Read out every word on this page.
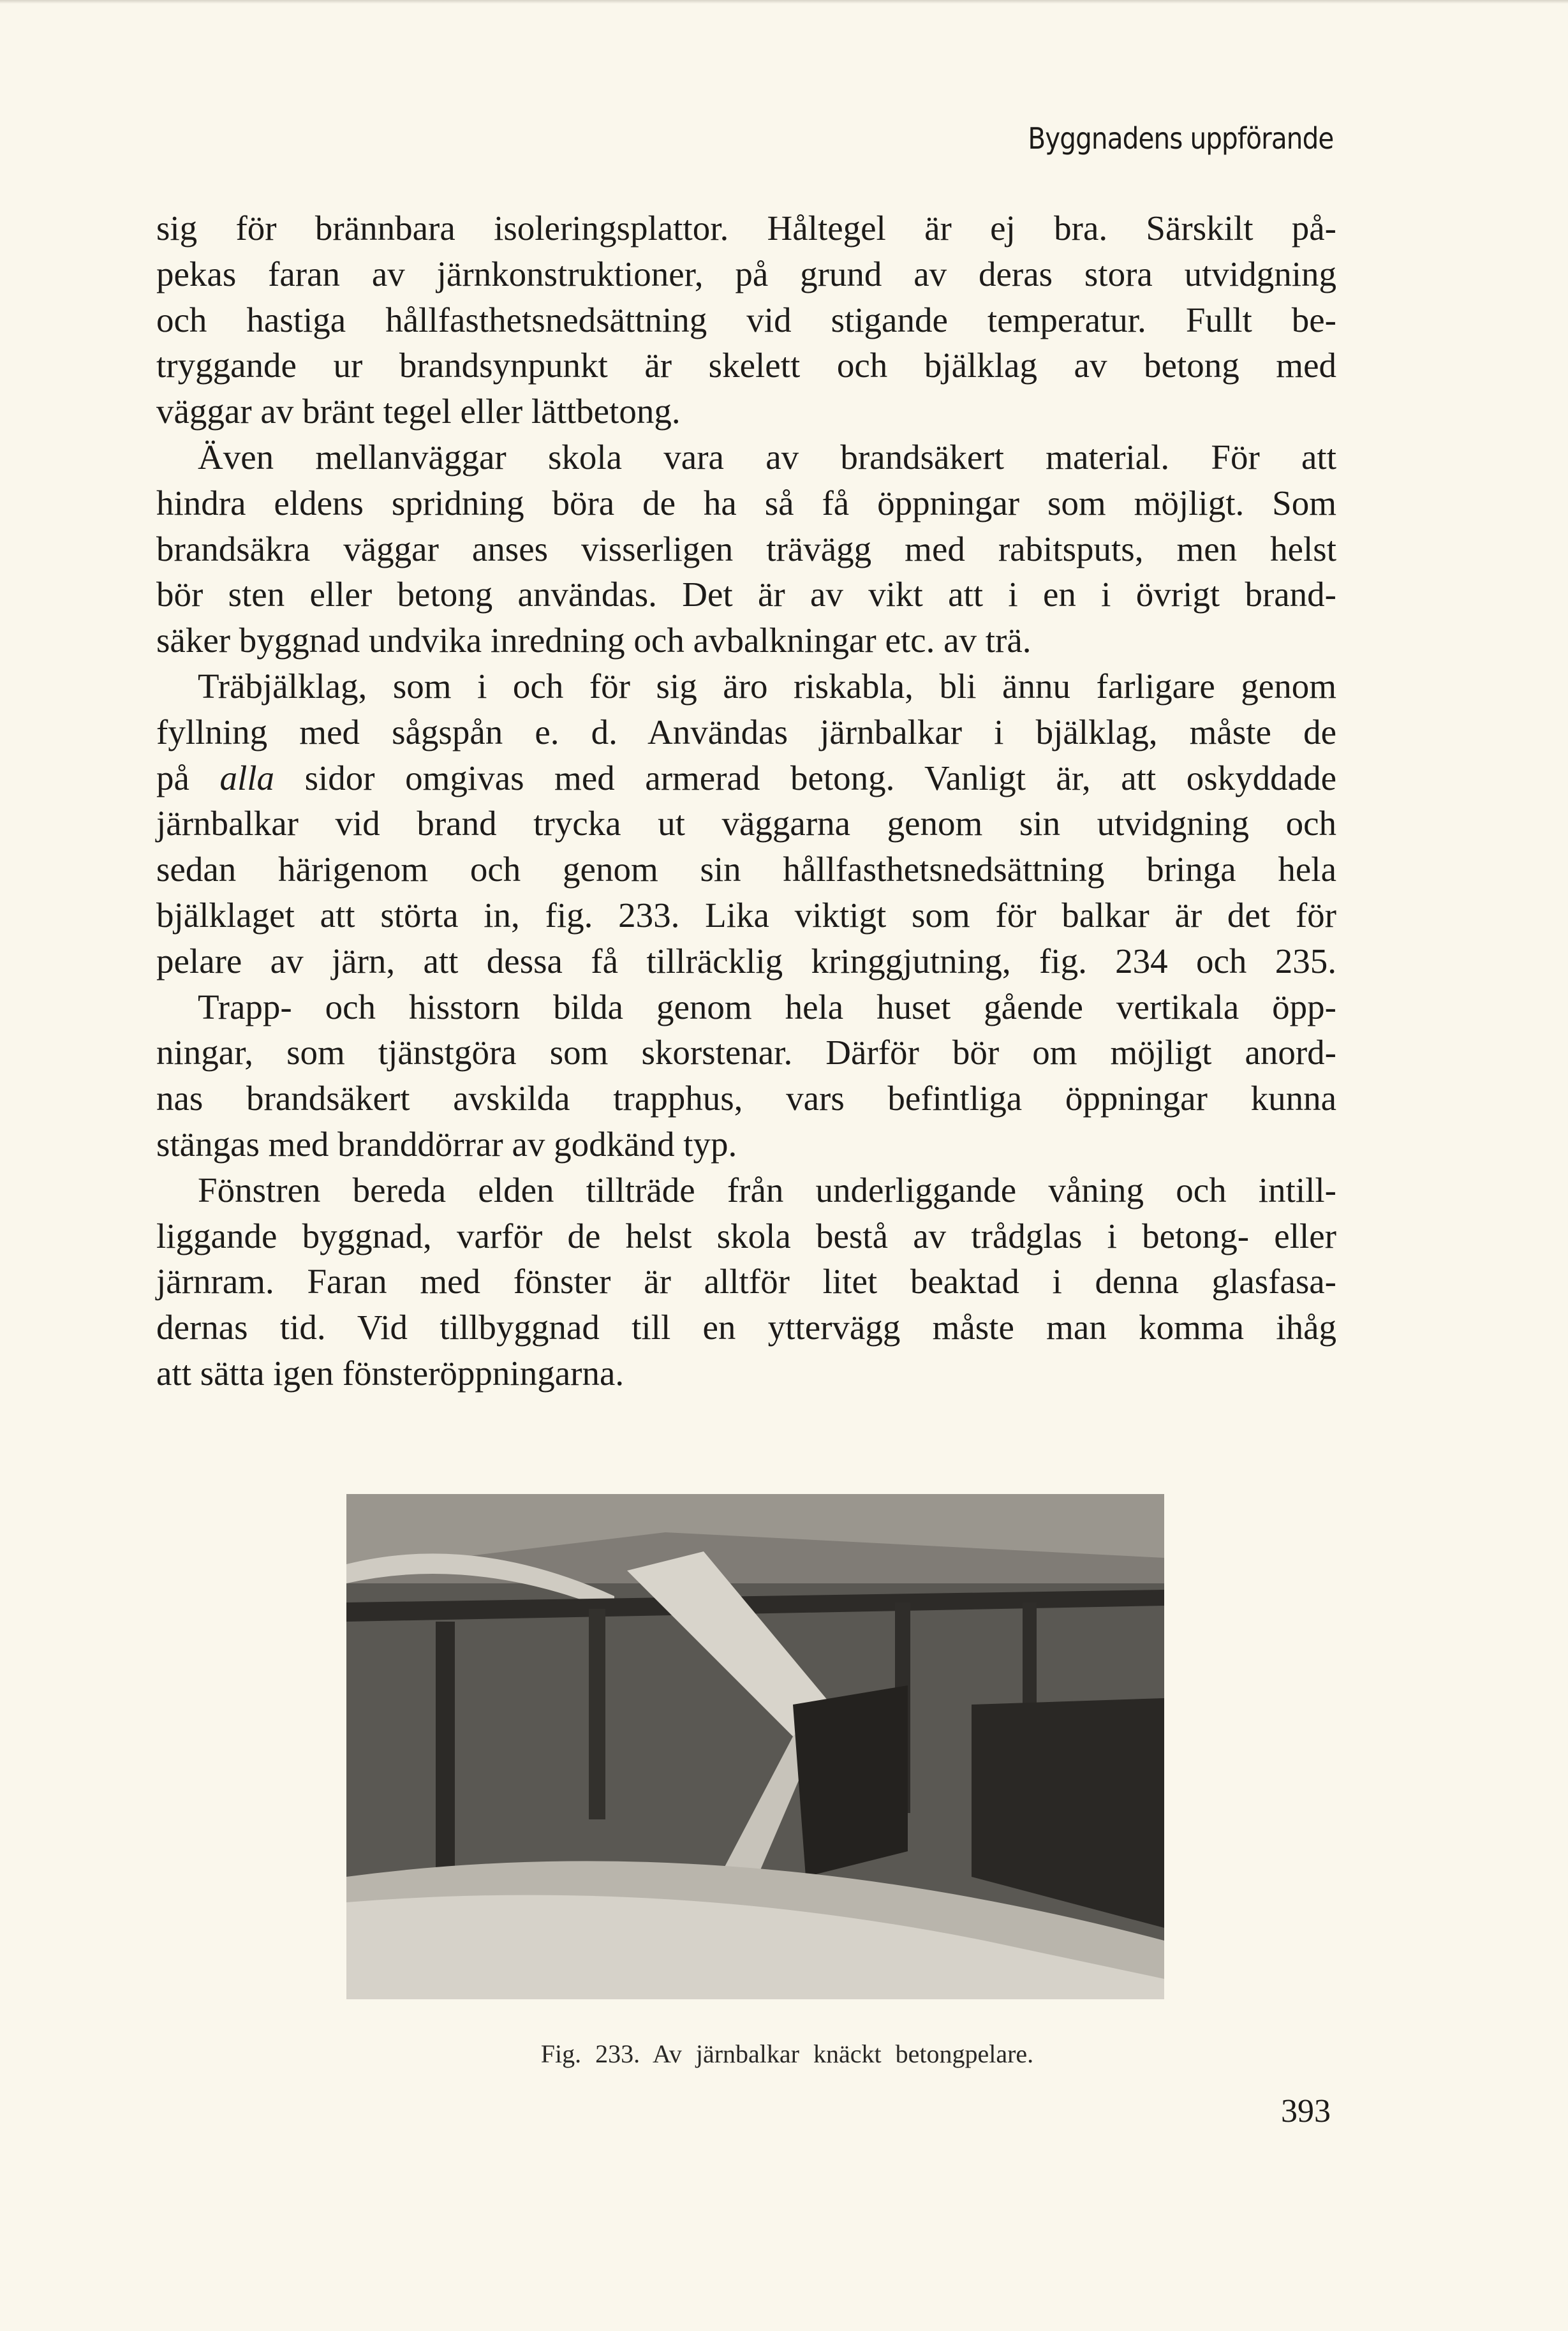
Byggnadens uppförande
sig för brännbara isoleringsplattor. Håltegel är ej bra. Särskilt på-
pekas faran av järnkonstruktioner, på grund av deras stora utvidgning
och hastiga hållfasthetsnedsättning vid stigande temperatur. Fullt be-
tryggande ur brandsynpunkt är skelett och bjälklag av betong med
väggar av bränt tegel eller lättbetong.
Även mellanväggar skola vara av brandsäkert material. För att
hindra eldens spridning böra de ha så få öppningar som möjligt. Som
brandsäkra väggar anses visserligen trävägg med rabitsputs, men helst
bör sten eller betong användas. Det är av vikt att i en i övrigt brand-
säker byggnad undvika inredning och avbalkningar etc. av trä.
Träbjälklag, som i och för sig äro riskabla, bli ännu farligare genom
fyllning med sågspån e. d. Användas järnbalkar i bjälklag, måste de
på alla sidor omgivas med armerad betong. Vanligt är, att oskyddade
järnbalkar vid brand trycka ut väggarna genom sin utvidgning och
sedan härigenom och genom sin hållfasthetsnedsättning bringa hela
bjälklaget att störta in, fig. 233. Lika viktigt som för balkar är det för
pelare av järn, att dessa få tillräcklig kringgjutning, fig. 234 och 235.
Trapp- och hisstorn bilda genom hela huset gående vertikala öpp-
ningar, som tjänstgöra som skorstenar. Därför bör om möjligt anord-
nas brandsäkert avskilda trapphus, vars befintliga öppningar kunna
stängas med branddörrar av godkänd typ.
Fönstren bereda elden tillträde från underliggande våning och intill-
liggande byggnad, varför de helst skola bestå av trådglas i betong- eller
järnram. Faran med fönster är alltför litet beaktad i denna glasfasa-
dernas tid. Vid tillbyggnad till en yttervägg måste man komma ihåg
att sätta igen fönsteröppningarna.
Fig. 233. Av järnbalkar knäckt betongpelare.
393
